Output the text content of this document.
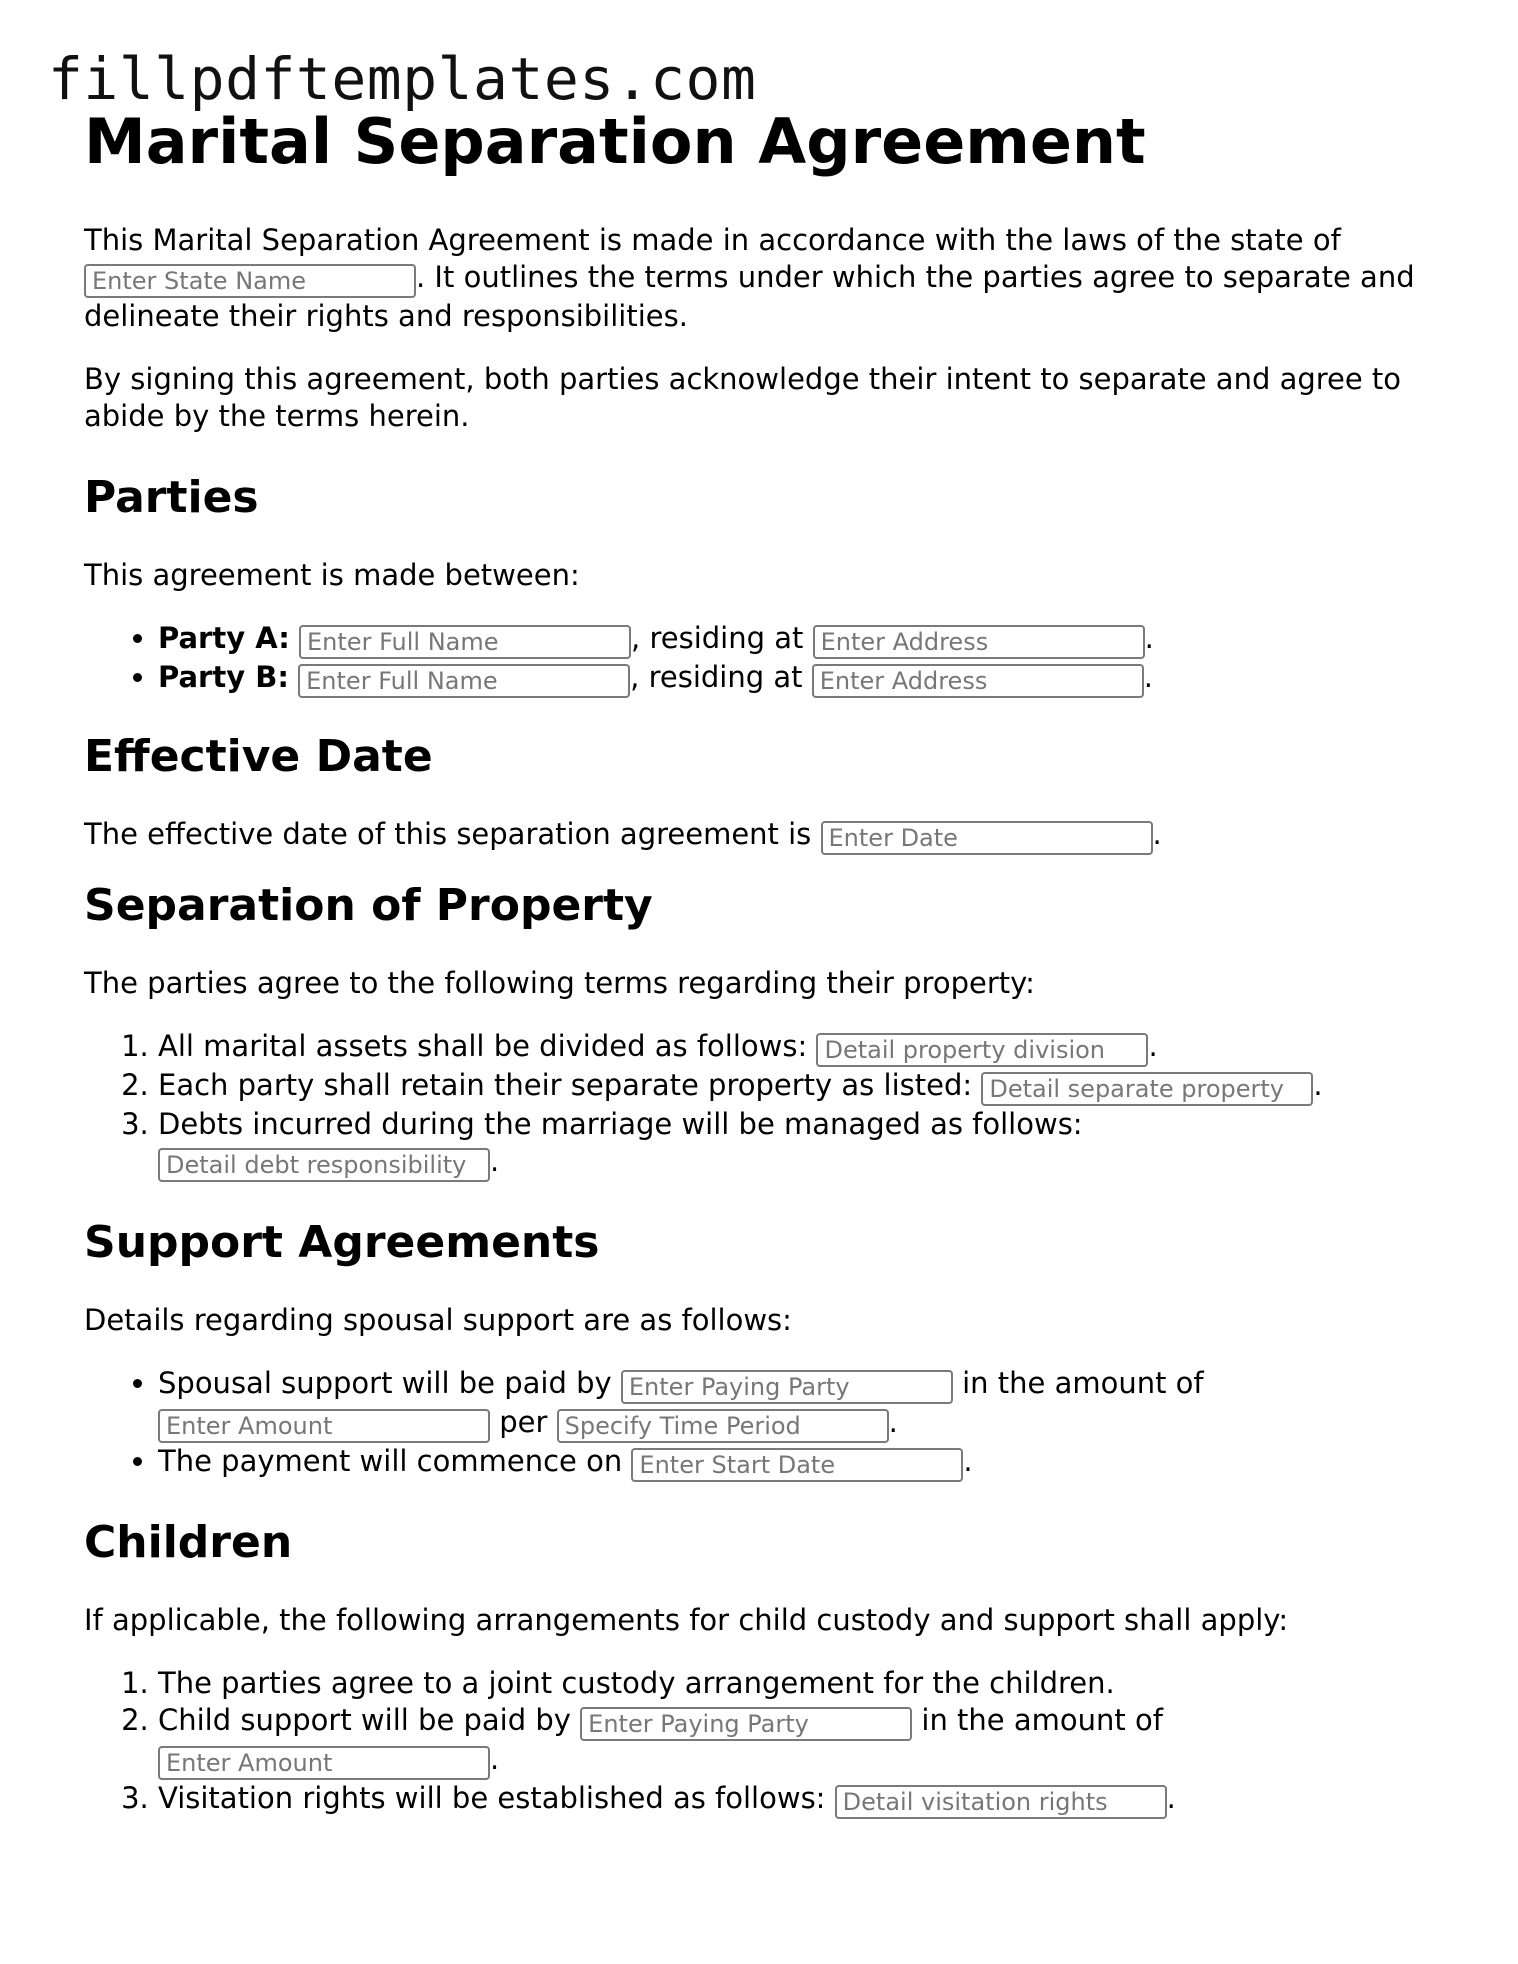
fillpdftemplates.com
Marital Separation Agreement

This Marital Separation Agreement is made in accordance with the laws of the state of
Enter State Name. It outlines the terms under which the parties agree to separate and delineate their rights and responsibilities.

By signing this agreement, both parties acknowledge their intent to separate and agree to abide by the terms herein.

Parties

This agreement is made between:

• Party A: Enter Full Name	, residing at Enter Address	.
• Party B: Enter Full Name	, residing at Enter Address	.
Effective Date

The effective date of this separation agreement is Enter Date	.

Separation of Property

The parties agree to the following terms regarding their property:

1. All marital assets shall be divided as follows: Detail property division	.
2. Each party shall retain their separate property as listed: Detail separate property	.
3. Debts incurred during the marriage will be managed as follows:
Detail debt responsibility.
Support Agreements

Details regarding spousal support are as follows:

• Spousal support will be paid by Enter Paying Party	in the amount of
Enter Amount per Specify Time Period	.
• The payment will commence on Enter Start Date	.
Children

If applicable, the following arrangements for child custody and support shall apply:

1. The parties agree to a joint custody arrangement for the children.
2. Child support will be paid by Enter Paying Party	in the amount of
Enter Amount.
3. Visitation rights will be established as follows: Detail visitation rights	.
